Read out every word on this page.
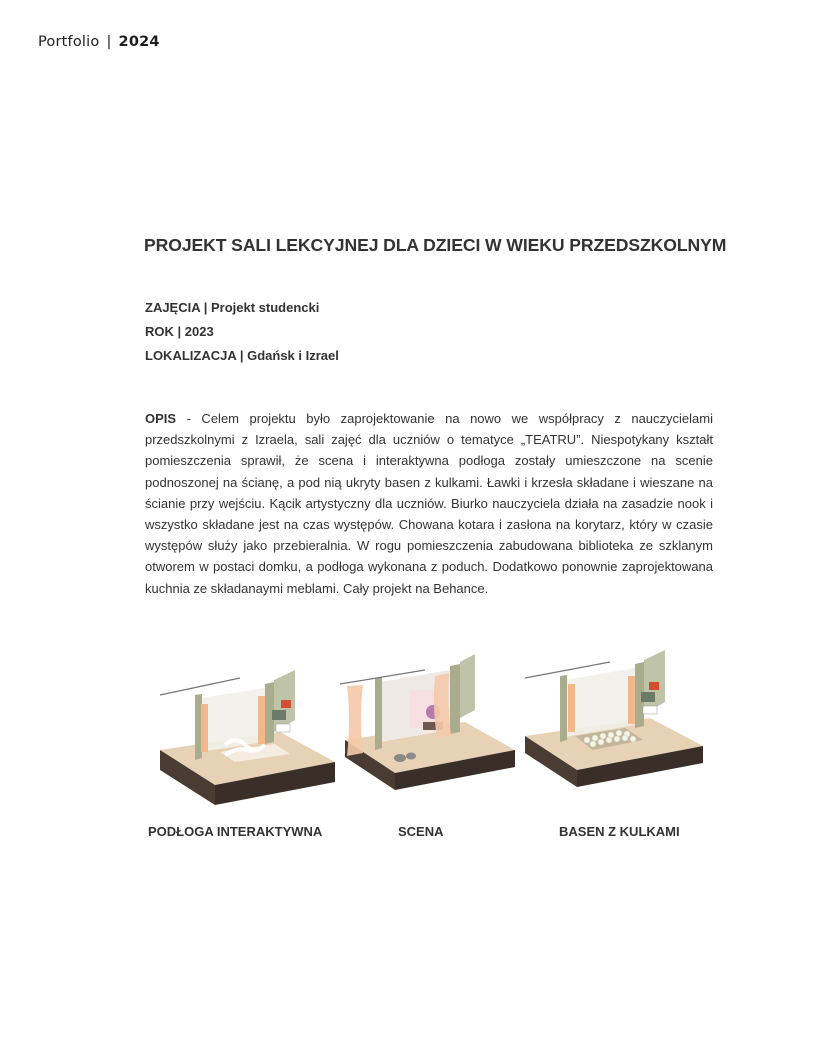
Portfolio | 2024
PROJEKT SALI LEKCYJNEJ DLA DZIECI W WIEKU PRZEDSZKOLNYM
ZAJĘCIA | Projekt studencki
ROK | 2023
LOKALIZACJA | Gdańsk i Izrael
OPIS - Celem projektu było zaprojektowanie na nowo we współpracy z nauczycielami przedszkolnymi z Izraela, sali zajęć dla uczniów o tematyce „TEATRU”. Niespotykany kształt pomieszczenia sprawił, że scena i interaktywna podłoga zostały umieszczone na scenie podnoszonej na ścianę, a pod nią ukryty basen z kulkami. Ławki i krzesła składane i wieszane na ścianie przy wejściu. Kącik artystyczny dla uczniów. Biurko nauczyciela działa na zasadzie nook i wszystko składane jest na czas występów. Chowana kotara i zasłona na korytarz, który w czasie występów służy jako przebieralnia. W rogu pomieszczenia zabudowana biblioteka ze szklanym otworem w postaci domku, a podłoga wykonana z poduch. Dodatkowo ponownie zaprojektowana kuchnia ze składanaymi meblami. Cały projekt na Behance.
PODŁOGA INTERAKTYWNA	SCENA	BASEN Z KULKAMI
